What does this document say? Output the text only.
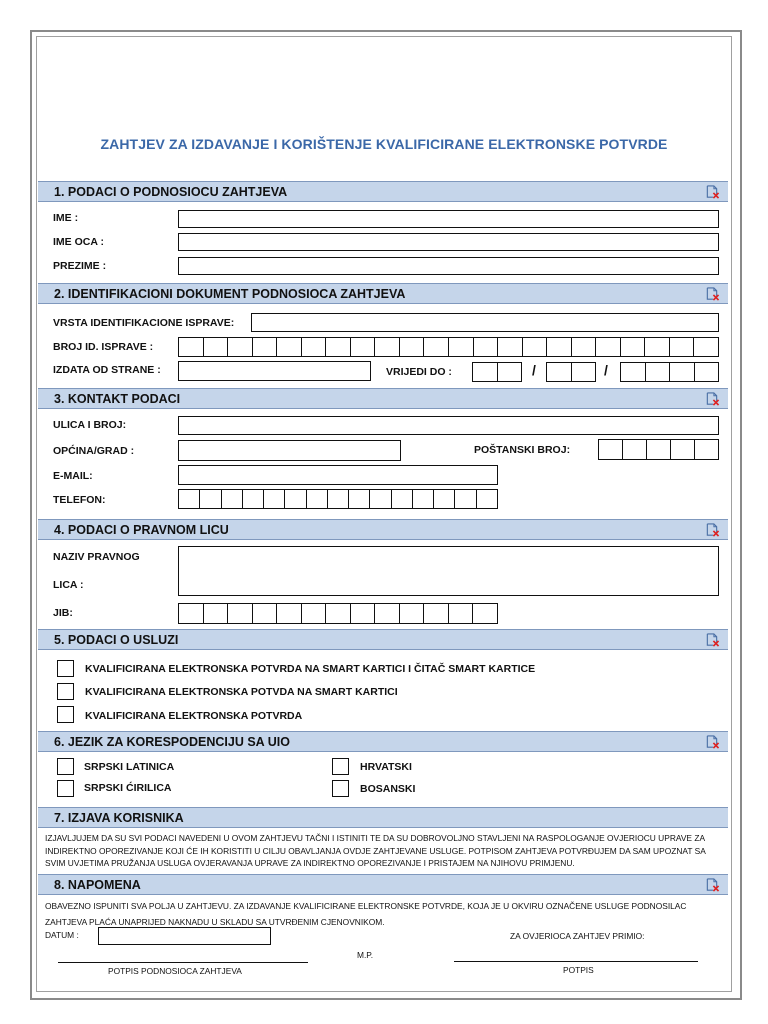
ZAHTJEV ZA IZDAVANJE I KORIŠTENJE KVALIFICIRANE ELEKTRONSKE POTVRDE
1. PODACI O PODNOSIOCU ZAHTJEVA
IME :
IME OCA :
PREZIME :
2. IDENTIFIKACIONI DOKUMENT PODNOSIOCA ZAHTJEVA
VRSTA IDENTIFIKACIONE ISPRAVE:
BROJ ID. ISPRAVE :
IZDATA OD STRANE :	VRIJEDI DO :	/	/
3. KONTAKT PODACI
ULICA I BROJ:
OPĆINA/GRAD :	POŠTANSKI BROJ:
E-MAIL:
TELEFON:
4. PODACI O PRAVNOM LICU
NAZIV PRAVNOG
LICA :
JIB:
5. PODACI O USLUZI
KVALIFICIRANA ELEKTRONSKA POTVRDA NA SMART KARTICI I ČITAČ SMART KARTICE
KVALIFICIRANA ELEKTRONSKA POTVDA NA SMART KARTICI
KVALIFICIRANA ELEKTRONSKA POTVRDA
6. JEZIK ZA KORESPODENCIJU SA UIO
SRPSKI LATINICA
SRPSKI ĆIRILICA
HRVATSKI
BOSANSKI
7. IZJAVA KORISNIKA
IZJAVLJUJEM DA SU SVI PODACI NAVEDENI U OVOM ZAHTJEVU TAČNI I ISTINITI TE DA SU DOBROVOLJNO STAVLJENI NA RASPOLOGANJE OVJERIOCU UPRAVE ZA
INDIREKTNO OPOREZIVANJE KOJI ĆE IH KORISTITI U CILJU OBAVLJANJA OVDJE ZAHTJEVANE USLUGE. POTPISOM ZAHTJEVA POTVRĐUJEM DA SAM UPOZNAT SA
SVIM UVJETIMA PRUŽANJA USLUGA OVJERAVANJA UPRAVE ZA INDIREKTNO OPOREZIVANJE I PRISTAJEM NA NJIHOVU PRIMJENU.
8. NAPOMENA
OBAVEZNO ISPUNITI SVA POLJA U ZAHTJEVU. ZA IZDAVANJE KVALIFICIRANE ELEKTRONSKE POTVRDE, KOJA JE U OKVIRU OZNAČENE USLUGE PODNOSILAC
ZAHTJEVA PLAĆA UNAPRIJED NAKNADU U SKLADU SA UTVRĐENIM CJENOVNIKOM.
DATUM :	ZA OVJERIOCA ZAHTJEV PRIMIO:
M.P.
POTPIS PODNOSIOCA ZAHTJEVA	POTPIS
